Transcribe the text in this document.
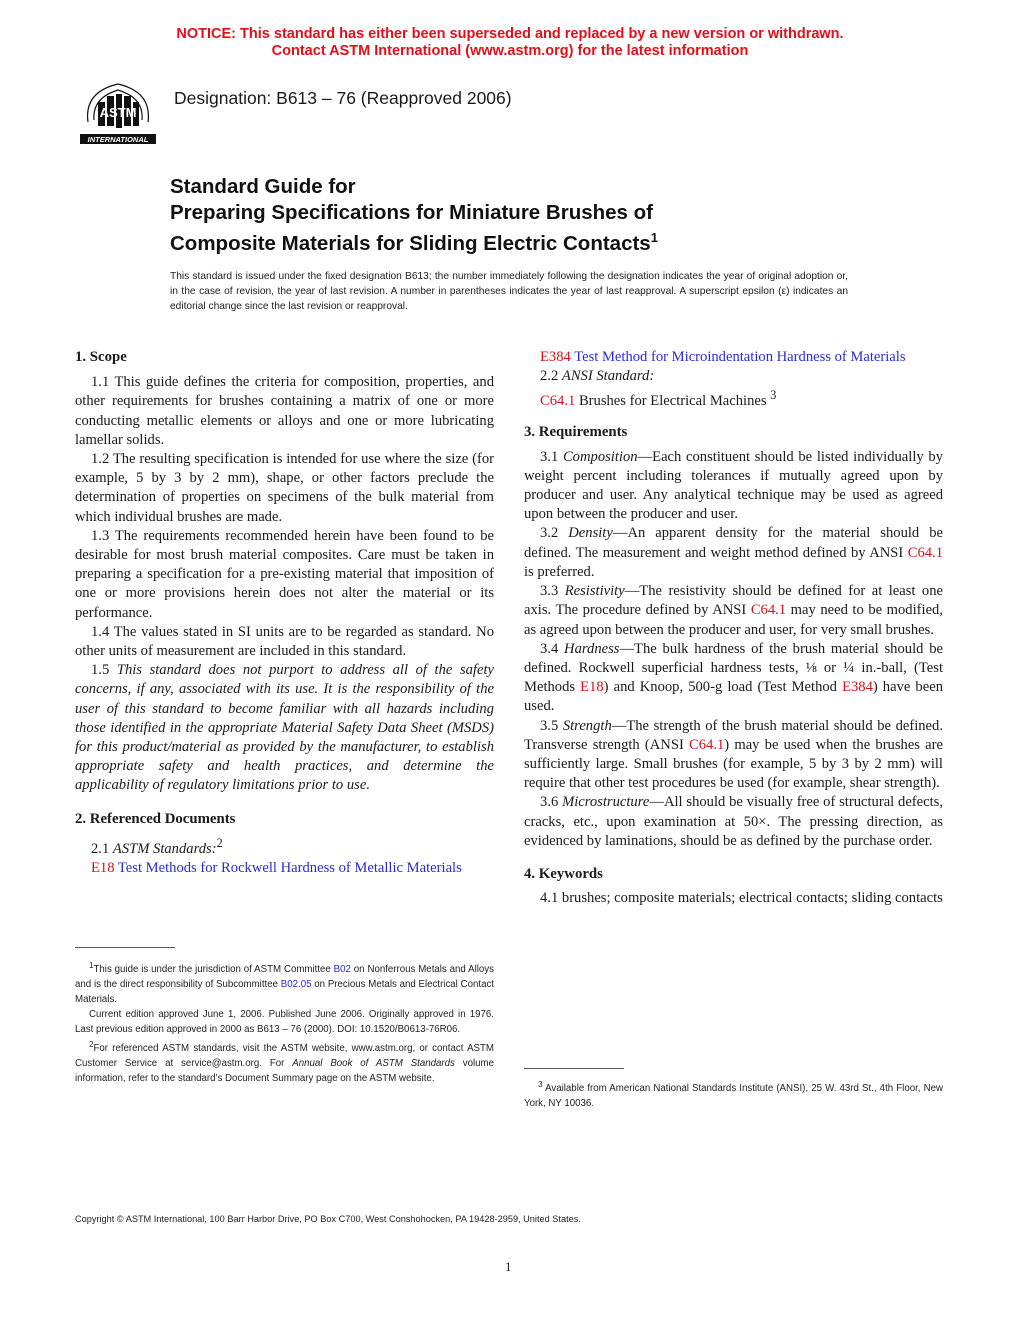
NOTICE: This standard has either been superseded and replaced by a new version or withdrawn.
Contact ASTM International (www.astm.org) for the latest information
ASTM
INTERNATIONAL
Designation: B613 – 76 (Reapproved 2006)
Standard Guide for
Preparing Specifications for Miniature Brushes of
Composite Materials for Sliding Electric Contacts$^1$
This standard is issued under the fixed designation B613; the number immediately following the designation indicates the year of original adoption or, in the case of revision, the year of last revision. A number in parentheses indicates the year of last reapproval. A superscript epsilon (ε) indicates an editorial change since the last revision or reapproval.
1. Scope

1.1 This guide defines the criteria for composition, properties, and other requirements for brushes containing a matrix of one or more conducting metallic elements or alloys and one or more lubricating lamellar solids.

1.2 The resulting specification is intended for use where the size (for example, 5 by 3 by 2 mm), shape, or other factors preclude the determination of properties on specimens of the bulk material from which individual brushes are made.

1.3 The requirements recommended herein have been found to be desirable for most brush material composites. Care must be taken in preparing a specification for a pre-existing material that imposition of one or more provisions herein does not alter the material or its performance.

1.4 The values stated in SI units are to be regarded as standard. No other units of measurement are included in this standard.

1.5 This standard does not purport to address all of the safety concerns, if any, associated with its use. It is the responsibility of the user of this standard to become familiar with all hazards including those identified in the appropriate Material Safety Data Sheet (MSDS) for this product/material as provided by the manufacturer, to establish appropriate safety and health practices, and determine the applicability of regulatory limitations prior to use.

2. Referenced Documents

2.1 ASTM Standards:$^2$

E18 Test Methods for Rockwell Hardness of Metallic Materials

$^1$This guide is under the jurisdiction of ASTM Committee B02 on Nonferrous Metals and Alloys and is the direct responsibility of Subcommittee B02.05 on Precious Metals and Electrical Contact Materials.

Current edition approved June 1, 2006. Published June 2006. Originally approved in 1976. Last previous edition approved in 2000 as B613 – 76 (2000). DOI: 10.1520/B0613-76R06.

$^2$For referenced ASTM standards, visit the ASTM website, www.astm.org, or contact ASTM Customer Service at service@astm.org. For Annual Book of ASTM Standards volume information, refer to the standard’s Document Summary page on the ASTM website.

E384 Test Method for Microindentation Hardness of Materials

2.2 ANSI Standard:

C64.1 Brushes for Electrical Machines $^3$

3. Requirements

3.1 Composition—Each constituent should be listed individually by weight percent including tolerances if mutually agreed upon by producer and user. Any analytical technique may be used as agreed upon between the producer and user.

3.2 Density—An apparent density for the material should be defined. The measurement and weight method defined by ANSI C64.1 is preferred.

3.3 Resistivity—The resistivity should be defined for at least one axis. The procedure defined by ANSI C64.1 may need to be modified, as agreed upon between the producer and user, for very small brushes.

3.4 Hardness—The bulk hardness of the brush material should be defined. Rockwell superficial hardness tests, ⅛ or ¼ in.-ball, (Test Methods E18) and Knoop, 500-g load (Test Method E384) have been used.

3.5 Strength—The strength of the brush material should be defined. Transverse strength (ANSI C64.1) may be used when the brushes are sufficiently large. Small brushes (for example, 5 by 3 by 2 mm) will require that other test procedures be used (for example, shear strength).

3.6 Microstructure—All should be visually free of structural defects, cracks, etc., upon examination at 50×. The pressing direction, as evidenced by laminations, should be as defined by the purchase order.

4. Keywords

4.1 brushes; composite materials; electrical contacts; sliding contacts

$^3$ Available from American National Standards Institute (ANSI), 25 W. 43rd St., 4th Floor, New York, NY 10036.

Copyright © ASTM International, 100 Barr Harbor Drive, PO Box C700, West Conshohocken, PA 19428-2959, United States.
1
